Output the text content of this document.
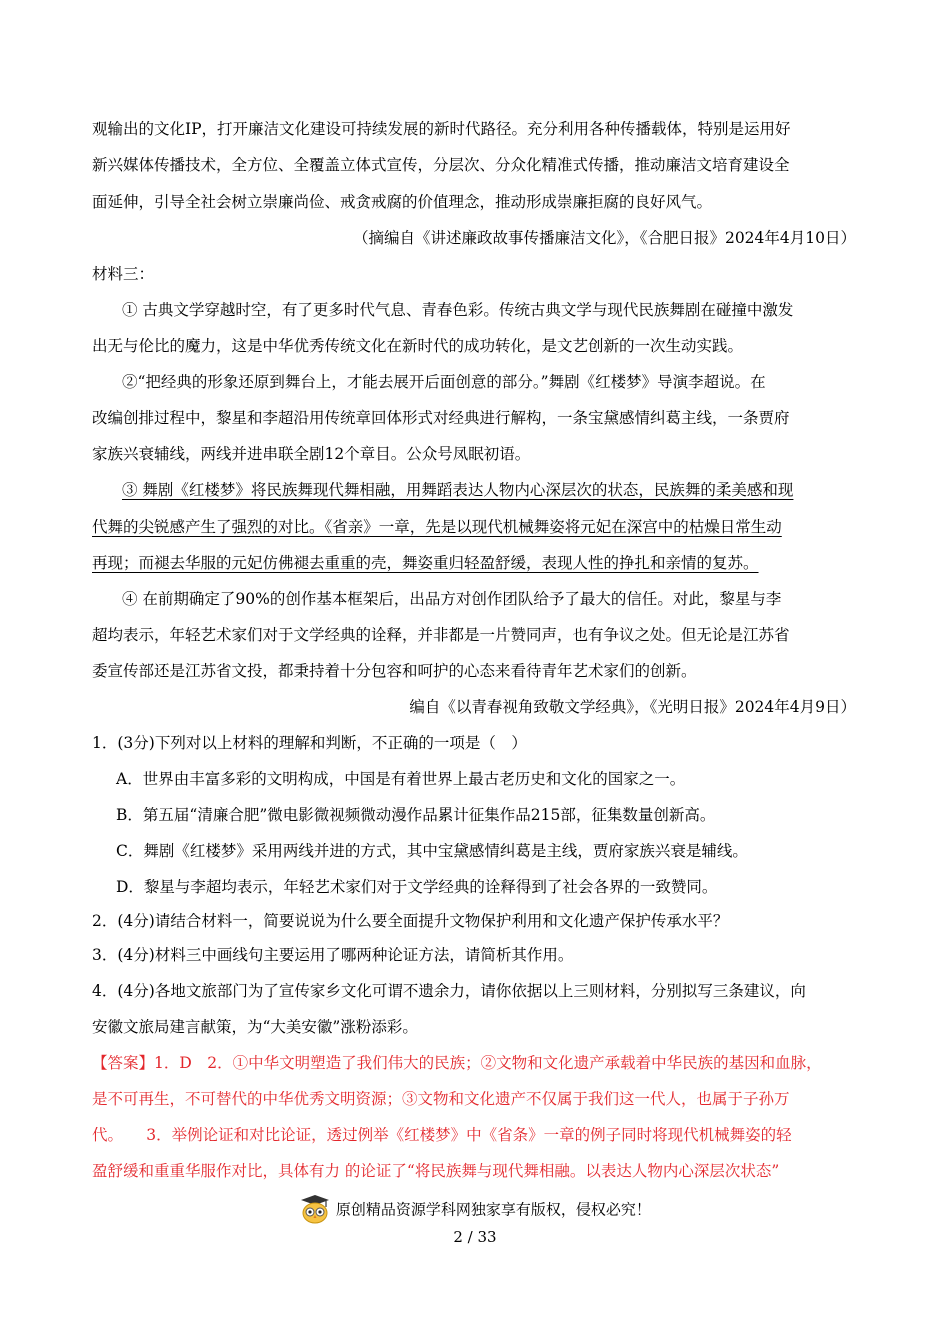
观输出的文化IP，打开廉洁文化建设可持续发展的新时代路径。充分利用各种传播载体，特别是运用好
新兴媒体传播技术，全方位、全覆盖立体式宣传，分层次、分众化精准式传播，推动廉洁文培育建设全
面延伸，引导全社会树立崇廉尚俭、戒贪戒腐的价值理念，推动形成崇廉拒腐的良好风气。
（摘编自《讲述廉政故事传播廉洁文化》，《合肥日报》2024年4月10日）
材料三：
① 古典文学穿越时空，有了更多时代气息、青春色彩。传统古典文学与现代民族舞剧在碰撞中激发
出无与伦比的魔力，这是中华优秀传统文化在新时代的成功转化，是文艺创新的一次生动实践。
②“把经典的形象还原到舞台上，才能去展开后面创意的部分。”舞剧《红楼梦》导演李超说。在
改编创排过程中，黎星和李超沿用传统章回体形式对经典进行解构，一条宝黛感情纠葛主线，一条贾府
家族兴衰辅线，两线并进串联全剧12个章目。公众号凤眠初语。
③ 舞剧《红楼梦》将民族舞现代舞相融，用舞蹈表达人物内心深层次的状态，民族舞的柔美感和现
代舞的尖锐感产生了强烈的对比。《省亲》一章，先是以现代机械舞姿将元妃在深宫中的枯燥日常生动
再现；而褪去华服的元妃仿佛褪去重重的壳，舞姿重归轻盈舒缓，表现人性的挣扎和亲情的复苏。
④ 在前期确定了90%的创作基本框架后，出品方对创作团队给予了最大的信任。对此，黎星与李
超均表示，年轻艺术家们对于文学经典的诠释，并非都是一片赞同声，也有争议之处。但无论是江苏省
委宣传部还是江苏省文投，都秉持着十分包容和呵护的心态来看待青年艺术家们的创新。
编自《以青春视角致敬文学经典》，《光明日报》2024年4月9日）
1．(3分)下列对以上材料的理解和判断，不正确的一项是（　）
A．世界由丰富多彩的文明构成，中国是有着世界上最古老历史和文化的国家之一。
B．第五届“清廉合肥”微电影微视频微动漫作品累计征集作品215部，征集数量创新高。
C．舞剧《红楼梦》采用两线并进的方式，其中宝黛感情纠葛是主线，贾府家族兴衰是辅线。
D．黎星与李超均表示，年轻艺术家们对于文学经典的诠释得到了社会各界的一致赞同。
2．(4分)请结合材料一，简要说说为什么要全面提升文物保护利用和文化遗产保护传承水平？
3．(4分)材料三中画线句主要运用了哪两种论证方法，请简析其作用。
4．(4分)各地文旅部门为了宣传家乡文化可谓不遗余力，请你依据以上三则材料，分别拟写三条建议，向
安徽文旅局建言献策，为“大美安徽”涨粉添彩。
【答案】1．D　2．①中华文明塑造了我们伟大的民族；②文物和文化遗产承载着中华民族的基因和血脉，
是不可再生，不可替代的中华优秀文明资源；③文物和文化遗产不仅属于我们这一代人，也属于子孙万
代。　　3．举例论证和对比论证，透过例举《红楼梦》中《省条》一章的例子同时将现代机械舞姿的轻
盈舒缓和重重华服作对比，具体有力 的论证了“将民族舞与现代舞相融。以表达人物内心深层次状态”
原创精品资源学科网独家享有版权，侵权必究！
2 / 33
